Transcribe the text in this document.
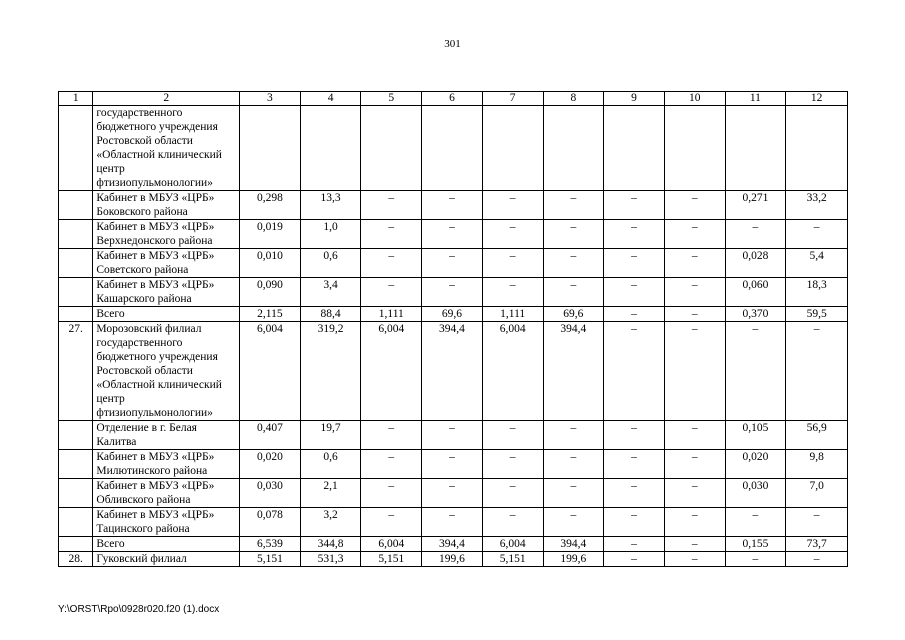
301
1	2	3	4	5	6	7	8	9	10	11	12
	государственного бюджетного учреждения Ростовской области «Областной клинический центр фтизиопульмонологии»										
	Кабинет в МБУЗ «ЦРБ» Боковского района	0,298	13,3	–	–	–	–	–	–	0,271	33,2
	Кабинет в МБУЗ «ЦРБ» Верхнедонского района	0,019	1,0	–	–	–	–	–	–	–	–
	Кабинет в МБУЗ «ЦРБ» Советского района	0,010	0,6	–	–	–	–	–	–	0,028	5,4
	Кабинет в МБУЗ «ЦРБ» Кашарского района	0,090	3,4	–	–	–	–	–	–	0,060	18,3
	Всего	2,115	88,4	1,111	69,6	1,111	69,6	–	–	0,370	59,5
27.	Морозовский филиал государственного бюджетного учреждения Ростовской области «Областной клинический центр фтизиопульмонологии»	6,004	319,2	6,004	394,4	6,004	394,4	–	–	–	–
	Отделение в г. Белая Калитва	0,407	19,7	–	–	–	–	–	–	0,105	56,9
	Кабинет в МБУЗ «ЦРБ» Милютинского района	0,020	0,6	–	–	–	–	–	–	0,020	9,8
	Кабинет в МБУЗ «ЦРБ» Обливского района	0,030	2,1	–	–	–	–	–	–	0,030	7,0
	Кабинет в МБУЗ «ЦРБ» Тацинского района	0,078	3,2	–	–	–	–	–	–	–	–
	Всего	6,539	344,8	6,004	394,4	6,004	394,4	–	–	0,155	73,7
28.	Гуковский филиал	5,151	531,3	5,151	199,6	5,151	199,6	–	–	–	–
Y:\ORST\Rpo\0928r020.f20 (1).docx
